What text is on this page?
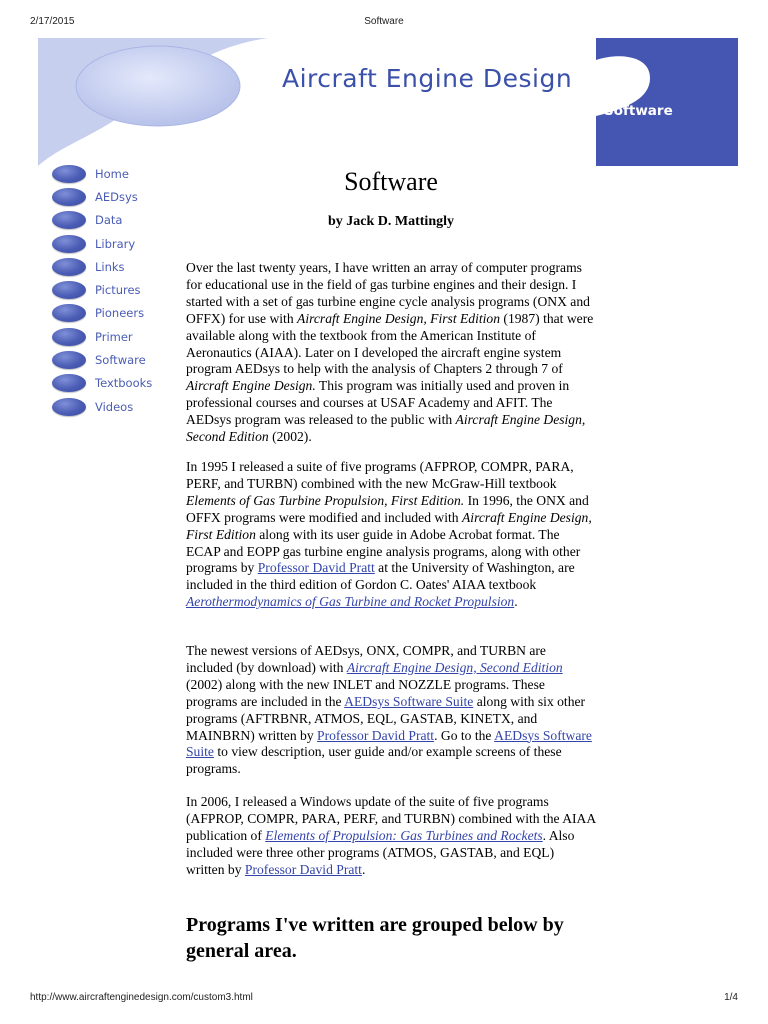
2/17/2015	Software
Aircraft Engine Design
Software
Home
AEDsys
Data
Library
Links
Pictures
Pioneers
Primer
Software
Textbooks
Videos
Software
by Jack D. Mattingly

Over the last twenty years, I have written an array of computer programs for educational use in the field of gas turbine engines and their design. I started with a set of gas turbine engine cycle analysis programs (ONX and OFFX) for use with Aircraft Engine Design, First Edition (1987) that were available along with the textbook from the American Institute of Aeronautics (AIAA). Later on I developed the aircraft engine system program AEDsys to help with the analysis of Chapters 2 through 7 of Aircraft Engine Design. This program was initially used and proven in professional courses and courses at USAF Academy and AFIT. The AEDsys program was released to the public with Aircraft Engine Design, Second Edition (2002).

In 1995 I released a suite of five programs (AFPROP, COMPR, PARA, PERF, and TURBN) combined with the new McGraw-Hill textbook Elements of Gas Turbine Propulsion, First Edition. In 1996, the ONX and OFFX programs were modified and included with Aircraft Engine Design, First Edition along with its user guide in Adobe Acrobat format. The ECAP and EOPP gas turbine engine analysis programs, along with other programs by Professor David Pratt at the University of Washington, are included in the third edition of Gordon C. Oates' AIAA textbook Aerothermodynamics of Gas Turbine and Rocket Propulsion.

The newest versions of AEDsys, ONX, COMPR, and TURBN are included (by download) with Aircraft Engine Design, Second Edition (2002) along with the new INLET and NOZZLE programs. These programs are included in the AEDsys Software Suite along with six other programs (AFTRBNR, ATMOS, EQL, GASTAB, KINETX, and MAINBRN) written by Professor David Pratt. Go to the AEDsys Software Suite to view description, user guide and/or example screens of these programs.

In 2006, I released a Windows update of the suite of five programs (AFPROP, COMPR, PARA, PERF, and TURBN) combined with the AIAA publication of Elements of Propulsion: Gas Turbines and Rockets. Also included were three other programs (ATMOS, GASTAB, and EQL) written by Professor David Pratt.

Programs I've written are grouped below by general area.
http://www.aircraftenginedesign.com/custom3.html	1/4
